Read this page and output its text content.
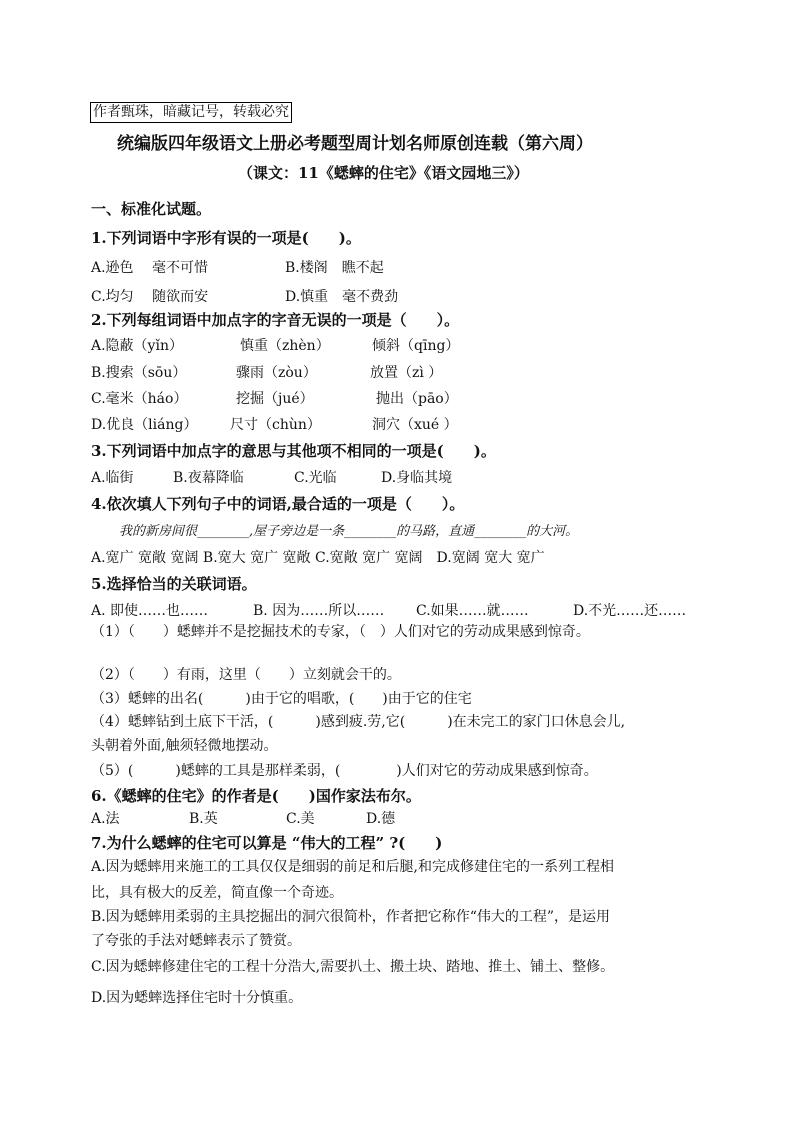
作者甄珠，暗藏记号，转载必究
统编版四年级语文上册必考题型周计划名师原创连载（第六周）
（课文：11《蟋蟀的住宅》《语文园地三》）
一、标准化试题。
1.下列词语中字形有误的一项是(　　)。
A.逊色　 毫不可惜	B.楼阁　瞧不起
C.均匀　 随欲而安	D.慎重　毫不费劲
2.下列每组词语中加点字的字音无误的一项是（　　）。
A.隐蔽（yǐn）	慎重（zhèn）	倾斜（qīng）
B.搜索（sōu）	骤雨（zòu）	放置（zì ）
C.毫米（háo）	挖掘（jué）	抛出（pāo）
D.优良（liáng） 尺寸（chùn）	洞穴（xué ）
3.下列词语中加点字的意思与其他项不相同的一项是(　　)。
A.临街	B.夜幕降临	C.光临	D.身临其境
4.依次填人下列句子中的词语,最合适的一项是（　　）。
我的新房间很________,屋子旁边是一条________的马路，直通________的大河。
A.宽广 宽敞 宽阔 B.宽大 宽广 宽敞 C.宽敞 宽广 宽阔　D.宽阔 宽大 宽广
5.选择恰当的关联词语。
A. 即使……也……	B. 因为……所以…… C.如果……就……	D.不光……还……
（1）（　　）蟋蟀并不是挖掘技术的专家，（　）人们对它的劳动成果感到惊奇。
（2）（　　）有雨，这里（　　）立刻就会干的。
（3）蟋蟀的出名(　　　)由于它的唱歌，(　　)由于它的住宅
（4）蟋蟀钻到土底下干活，(　　　)感到疲.劳,它(　　　)在未完工的家门口休息会儿,
头朝着外面,触须轻微地摆动。
（5）(　　　)蟋蟀的工具是那样柔弱，(　　　　)人们对它的劳动成果感到惊奇。
6.《蟋蟀的住宅》的作者是(　　)国作家法布尔。
A.法	B.英	C.美	D.德
7.为什么蟋蟀的住宅可以算是 “伟大的工程” ?(　　)
A.因为蟋蟀用来施工的工具仅仅是细弱的前足和后腿,和完成修建住宅的一系列工程相
比，具有极大的反差，简直像一个奇迹。
B.因为蟋蟀用柔弱的主具挖掘出的洞穴很简朴，作者把它称作“伟大的工程”，是运用
了夸张的手法对蟋蟀表示了赞赏。
C.因为蟋蟀修建住宅的工程十分浩大,需要扒土、搬土块、踏地、推土、铺土、整修。
D.因为蟋蟀选择住宅时十分慎重。
